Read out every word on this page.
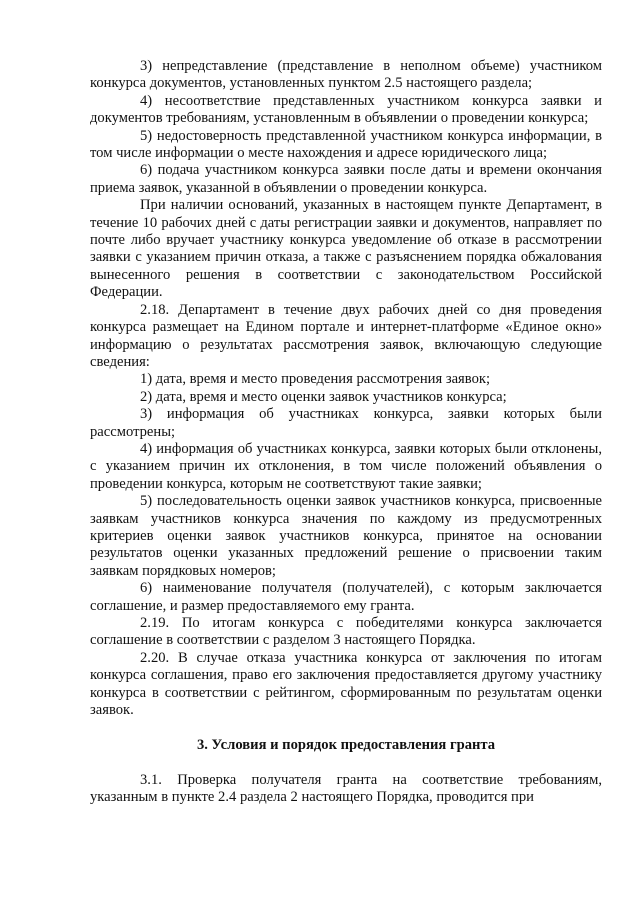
3) непредставление (представление в неполном объеме) участником конкурса документов, установленных пунктом 2.5 настоящего раздела;

4) несоответствие представленных участником конкурса заявки и документов требованиям, установленным в объявлении о проведении конкурса;

5) недостоверность представленной участником конкурса информации, в том числе информации о месте нахождения и адресе юридического лица;

6) подача участником конкурса заявки после даты и времени окончания приема заявок, указанной в объявлении о проведении конкурса.

При наличии оснований, указанных в настоящем пункте Департамент, в течение 10 рабочих дней с даты регистрации заявки и документов, направляет по почте либо вручает участнику конкурса уведомление об отказе в рассмотрении заявки с указанием причин отказа, а также с разъяснением порядка обжалования вынесенного решения в соответствии с законодательством Российской Федерации.

2.18. Департамент в течение двух рабочих дней со дня проведения конкурса размещает на Едином портале и интернет-платформе «Единое окно» информацию о результатах рассмотрения заявок, включающую следующие сведения:

1) дата, время и место проведения рассмотрения заявок;

2) дата, время и место оценки заявок участников конкурса;

3) информация об участниках конкурса, заявки которых были рассмотрены;

4) информация об участниках конкурса, заявки которых были отклонены, с указанием причин их отклонения, в том числе положений объявления о проведении конкурса, которым не соответствуют такие заявки;

5) последовательность оценки заявок участников конкурса, присвоенные заявкам участников конкурса значения по каждому из предусмотренных критериев оценки заявок участников конкурса, принятое на основании результатов оценки указанных предложений решение о присвоении таким заявкам порядковых номеров;

6) наименование получателя (получателей), с которым заключается соглашение, и размер предоставляемого ему гранта.

2.19. По итогам конкурса с победителями конкурса заключается соглашение в соответствии с разделом 3 настоящего Порядка.

2.20. В случае отказа участника конкурса от заключения по итогам конкурса соглашения, право его заключения предоставляется другому участнику конкурса в соответствии с рейтингом, сформированным по результатам оценки заявок.

3. Условия и порядок предоставления гранта

3.1. Проверка получателя гранта на соответствие требованиям, указанным в пункте 2.4 раздела 2 настоящего Порядка, проводится при
